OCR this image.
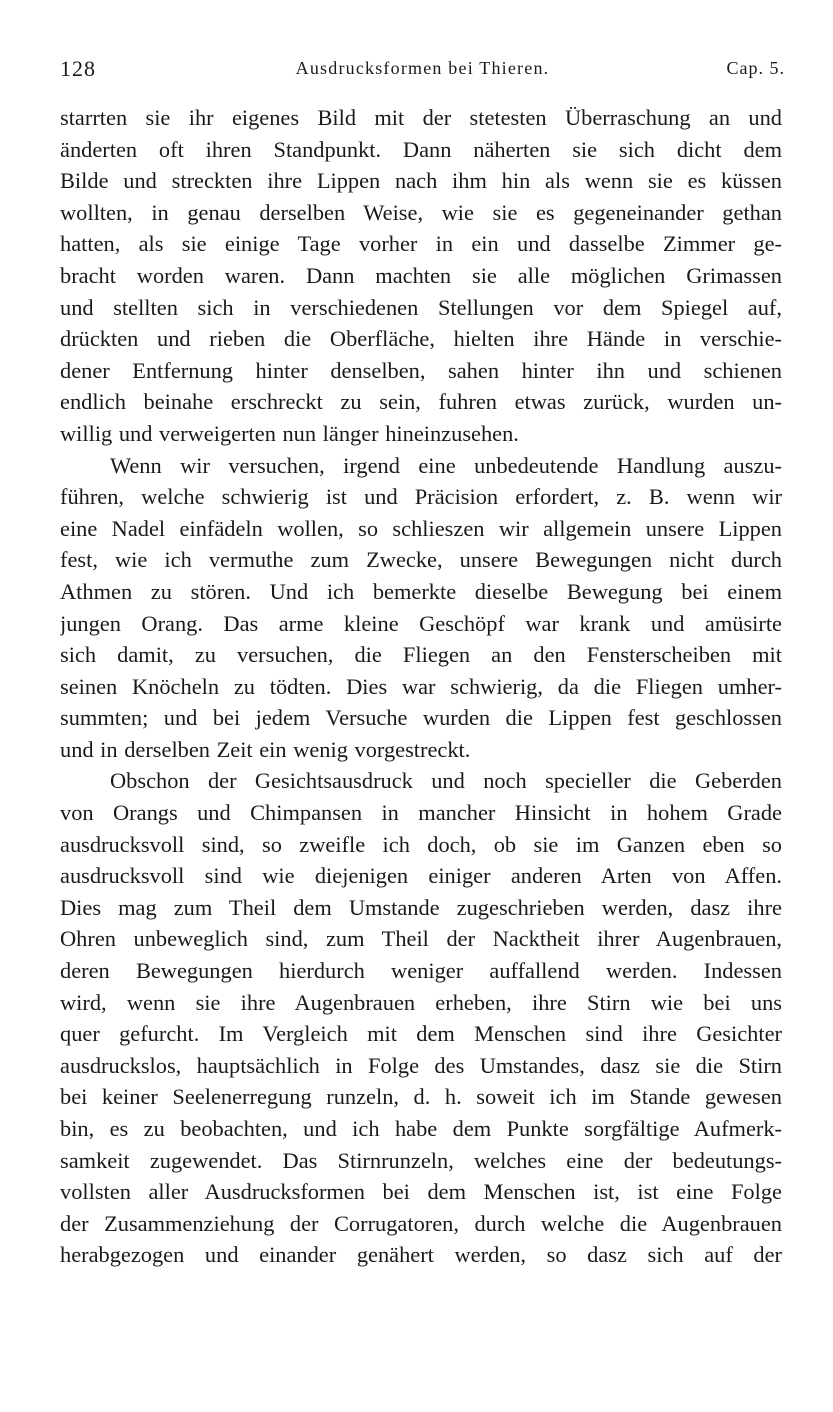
128	Ausdrucksformen bei Thieren.	Cap. 5.
starrten sie ihr eigenes Bild mit der stetesten Überraschung an und
änderten oft ihren Standpunkt. Dann näherten sie sich dicht dem
Bilde und streckten ihre Lippen nach ihm hin als wenn sie es küssen
wollten, in genau derselben Weise, wie sie es gegeneinander gethan
hatten, als sie einige Tage vorher in ein und dasselbe Zimmer ge-
bracht worden waren. Dann machten sie alle möglichen Grimassen
und stellten sich in verschiedenen Stellungen vor dem Spiegel auf,
drückten und rieben die Oberfläche, hielten ihre Hände in verschie-
dener Entfernung hinter denselben, sahen hinter ihn und schienen
endlich beinahe erschreckt zu sein, fuhren etwas zurück, wurden un-
willig und verweigerten nun länger hineinzusehen.
Wenn wir versuchen, irgend eine unbedeutende Handlung auszu-
führen, welche schwierig ist und Präcision erfordert, z. B. wenn wir
eine Nadel einfädeln wollen, so schlieszen wir allgemein unsere Lippen
fest, wie ich vermuthe zum Zwecke, unsere Bewegungen nicht durch
Athmen zu stören. Und ich bemerkte dieselbe Bewegung bei einem
jungen Orang. Das arme kleine Geschöpf war krank und amüsirte
sich damit, zu versuchen, die Fliegen an den Fensterscheiben mit
seinen Knöcheln zu tödten. Dies war schwierig, da die Fliegen umher-
summten; und bei jedem Versuche wurden die Lippen fest geschlossen
und in derselben Zeit ein wenig vorgestreckt.
Obschon der Gesichtsausdruck und noch specieller die Geberden
von Orangs und Chimpansen in mancher Hinsicht in hohem Grade
ausdrucksvoll sind, so zweifle ich doch, ob sie im Ganzen eben so
ausdrucksvoll sind wie diejenigen einiger anderen Arten von Affen.
Dies mag zum Theil dem Umstande zugeschrieben werden, dasz ihre
Ohren unbeweglich sind, zum Theil der Nacktheit ihrer Augenbrauen,
deren Bewegungen hierdurch weniger auffallend werden. Indessen
wird, wenn sie ihre Augenbrauen erheben, ihre Stirn wie bei uns
quer gefurcht. Im Vergleich mit dem Menschen sind ihre Gesichter
ausdruckslos, hauptsächlich in Folge des Umstandes, dasz sie die Stirn
bei keiner Seelenerregung runzeln, d. h. soweit ich im Stande gewesen
bin, es zu beobachten, und ich habe dem Punkte sorgfältige Aufmerk-
samkeit zugewendet. Das Stirnrunzeln, welches eine der bedeutungs-
vollsten aller Ausdrucksformen bei dem Menschen ist, ist eine Folge
der Zusammenziehung der Corrugatoren, durch welche die Augenbrauen
herabgezogen und einander genähert werden, so dasz sich auf der
